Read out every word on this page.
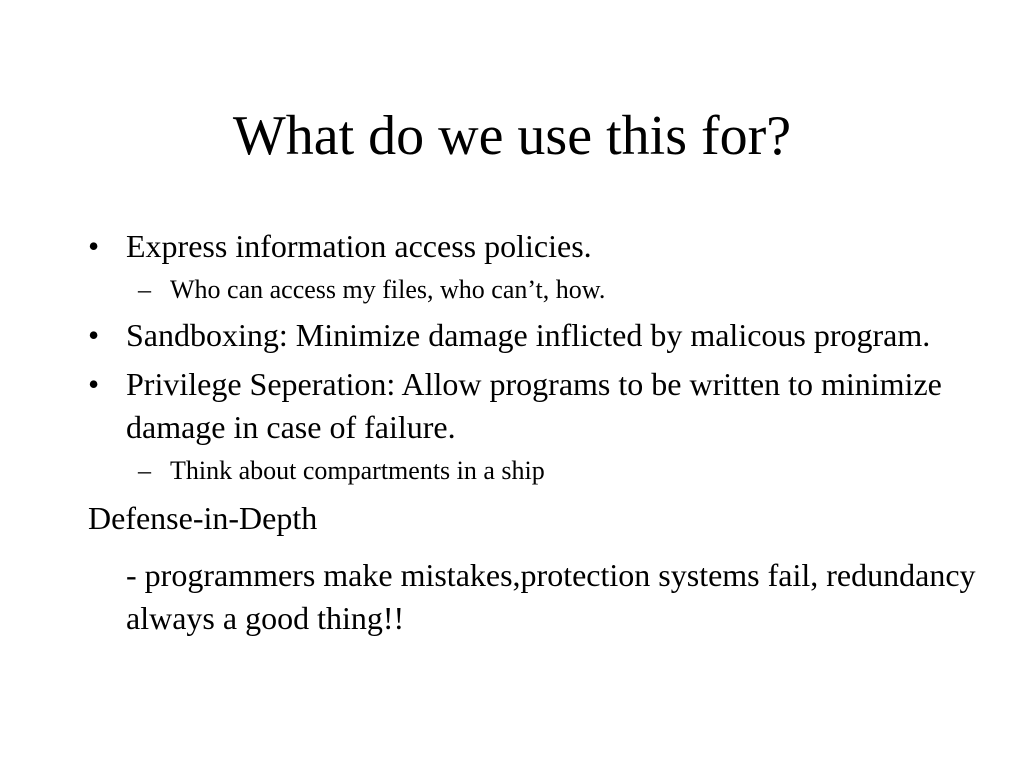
What do we use this for?
• Express information access policies.
– Who can access my files, who can’t, how.
• Sandboxing: Minimize damage inflicted by malicous program.
• Privilege Seperation: Allow programs to be written to minimize damage in case of failure.
– Think about compartments in a ship
Defense-in-Depth
- programmers make mistakes,protection systems fail, redundancy always a good thing!!
